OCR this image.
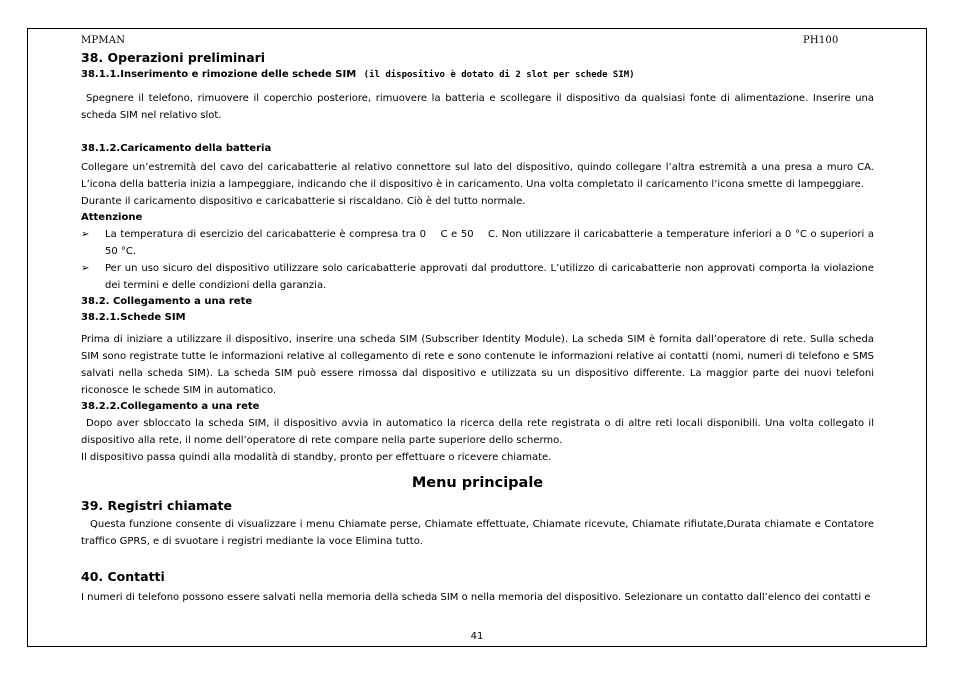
MPMAN	PH100
38. Operazioni preliminari
38.1.1.Inserimento e rimozione delle schede SIM (il dispositivo è dotato di 2 slot per schede SIM)
Spegnere il telefono, rimuovere il coperchio posteriore, rimuovere la batteria e scollegare il dispositivo da qualsiasi fonte di alimentazione. Inserire una scheda SIM nel relativo slot.
38.1.2.Caricamento della batteria
Collegare un’estremità del cavo del caricabatterie al relativo connettore sul lato del dispositivo, quindo collegare l’altra estremità a una presa a muro CA. L’icona della batteria inizia a lampeggiare, indicando che il dispositivo è in caricamento. Una volta completato il caricamento l’icona smette di lampeggiare.
Durante il caricamento dispositivo e caricabatterie si riscaldano. Ciò è del tutto normale.
Attenzione
➢	La temperatura di esercizio del caricabatterie è compresa tra 0    C e 50    C. Non utilizzare il caricabatterie a temperature inferiori a 0 °C o superiori a 50 °C.
➢	Per un uso sicuro del dispositivo utilizzare solo caricabatterie approvati dal produttore. L’utilizzo di caricabatterie non approvati comporta la violazione dei termini e delle condizioni della garanzia.
38.2. Collegamento a una rete
38.2.1.Schede SIM
Prima di iniziare a utilizzare il dispositivo, inserire una scheda SIM (Subscriber Identity Module). La scheda SIM è fornita dall’operatore di rete. Sulla scheda SIM sono registrate tutte le informazioni relative al collegamento di rete e sono contenute le informazioni relative ai contatti (nomi, numeri di telefono e SMS salvati nella scheda SIM). La scheda SIM può essere rimossa dal dispositivo e utilizzata su un dispositivo differente. La maggior parte dei nuovi telefoni riconosce le schede SIM in automatico.
38.2.2.Collegamento a una rete
Dopo aver sbloccato la scheda SIM, il dispositivo avvia in automatico la ricerca della rete registrata o di altre reti locali disponibili. Una volta collegato il dispositivo alla rete, il nome dell’operatore di rete compare nella parte superiore dello schermo.
Il dispositivo passa quindi alla modalità di standby, pronto per effettuare o ricevere chiamate.
Menu principale
39. Registri chiamate
Questa funzione consente di visualizzare i menu Chiamate perse, Chiamate effettuate, Chiamate ricevute, Chiamate rifiutate,Durata chiamate e Contatore traffico GPRS, e di svuotare i registri mediante la voce Elimina tutto.
40. Contatti
I numeri di telefono possono essere salvati nella memoria della scheda SIM o nella memoria del dispositivo. Selezionare un contatto dall’elenco dei contatti e
41
